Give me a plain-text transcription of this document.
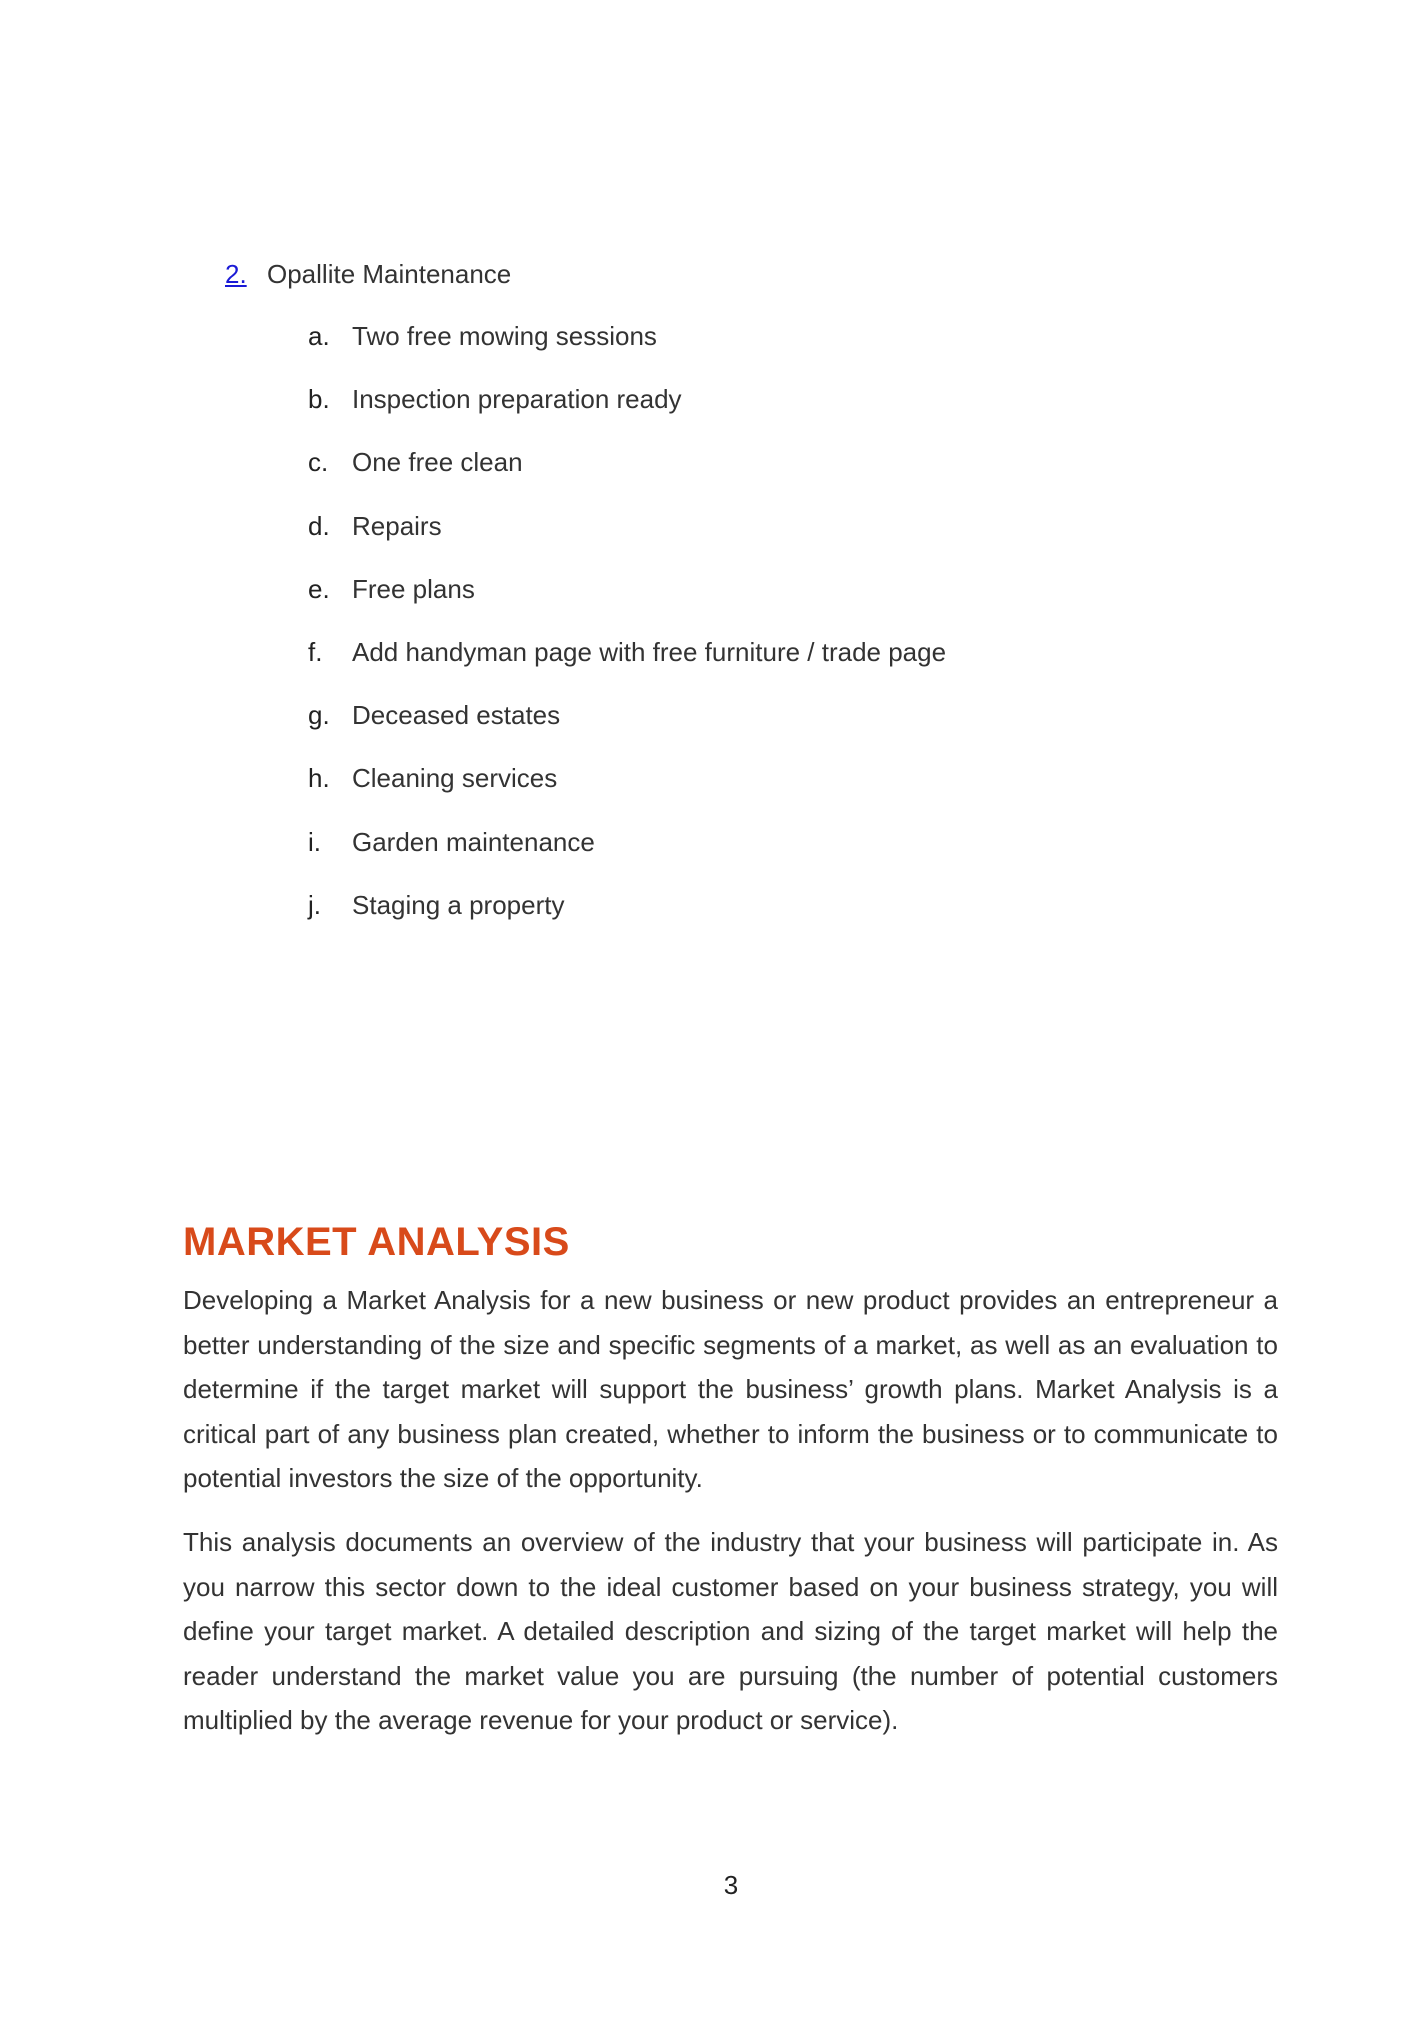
2. Opallite Maintenance
a. Two free mowing sessions
b. Inspection preparation ready
c. One free clean
d. Repairs
e. Free plans
f.	Add handyman page with free furniture / trade page
g. Deceased estates
h. Cleaning services
i.	Garden maintenance
j.	Staging a property
MARKET ANALYSIS

Developing a Market Analysis for a new business or new product provides an entrepreneur a better understanding of the size and specific segments of a market, as well as an evaluation to determine if the target market will support the business’ growth plans. Market Analysis is a critical part of any business plan created, whether to inform the business or to communicate to potential investors the size of the opportunity.

This analysis documents an overview of the industry that your business will participate in. As you narrow this sector down to the ideal customer based on your business strategy, you will define your target market. A detailed description and sizing of the target market will help the reader understand the market value you are pursuing (the number of potential customers multiplied by the average revenue for your product or service).

3
